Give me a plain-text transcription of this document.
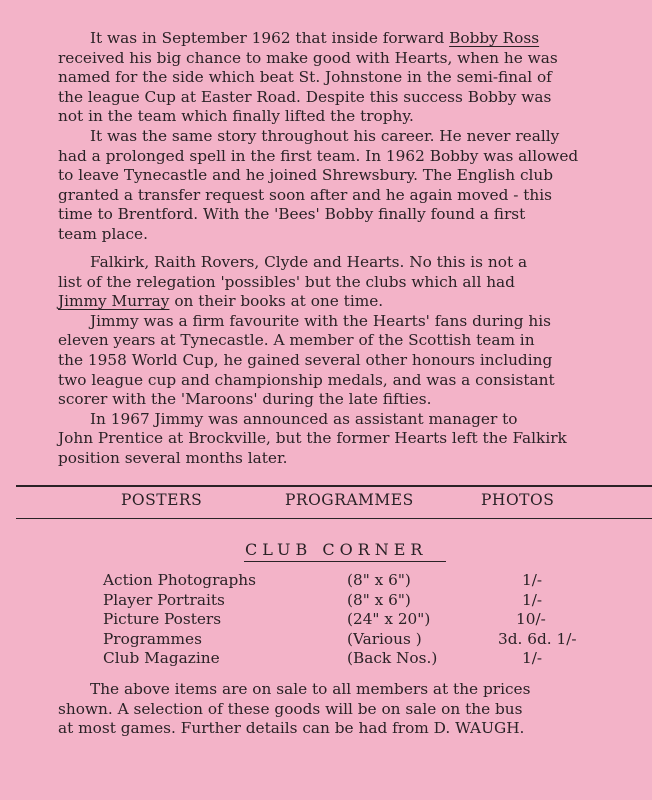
It was in September 1962 that inside forward Bobby Ross
received his big chance to make good with Hearts, when he was
named for the side which beat St. Johnstone in the semi-final of
the league Cup at Easter Road. Despite this success Bobby was
not in the team which finally lifted the trophy.
It was the same story throughout his career. He never really
had a prolonged spell in the first team. In 1962 Bobby was allowed
to leave Tynecastle and he joined Shrewsbury. The English club
granted a transfer request soon after and he again moved - this
time to Brentford. With the 'Bees' Bobby finally found a first
team place.
Falkirk, Raith Rovers, Clyde and Hearts. No this is not a
list of the relegation 'possibles' but the clubs which all had
Jimmy Murray on their books at one time.
Jimmy was a firm favourite with the Hearts' fans during his
eleven years at Tynecastle. A member of the Scottish team in
the 1958 World Cup, he gained several other honours including
two league cup and championship medals, and was a consistant
scorer with the 'Maroons' during the late fifties.
In 1967 Jimmy was announced as assistant manager to
John Prentice at Brockville, but the former Hearts left the Falkirk
position several months later.
POSTERS	PROGRAMMES	PHOTOS
CLUB CORNER
Action Photographs	(8" x 6")	1/-
Player Portraits	(8" x 6")	1/-
Picture Posters	(24" x 20")	10/-
Programmes	(Various )	3d. 6d. 1/-
Club Magazine	(Back Nos.)	1/-
The above items are on sale to all members at the prices
shown. A selection of these goods will be on sale on the bus
at most games. Further details can be had from D. WAUGH.
